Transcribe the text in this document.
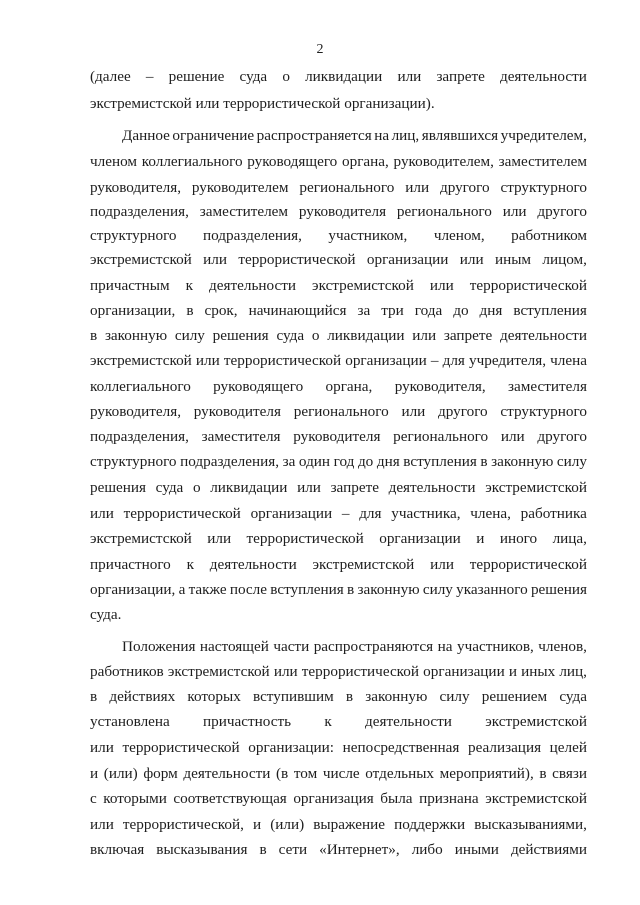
2
(далее – решение суда о ликвидации или запрете деятельности
экстремистской или террористической организации).
Данное ограничение распространяется на лиц, являвшихся учредителем,
членом коллегиального руководящего органа, руководителем, заместителем
руководителя, руководителем регионального или другого структурного
подразделения, заместителем руководителя регионального или другого
структурного подразделения, участником, членом, работником
экстремистской или террористической организации или иным лицом,
причастным к деятельности экстремистской или террористической
организации, в срок, начинающийся за три года до дня вступления
в законную силу решения суда о ликвидации или запрете деятельности
экстремистской или террористической организации – для учредителя, члена
коллегиального руководящего органа, руководителя, заместителя
руководителя, руководителя регионального или другого структурного
подразделения, заместителя руководителя регионального или другого
структурного подразделения, за один год до дня вступления в законную силу
решения суда о ликвидации или запрете деятельности экстремистской
или террористической организации – для участника, члена, работника
экстремистской или террористической организации и иного лица,
причастного к деятельности экстремистской или террористической
организации, а также после вступления в законную силу указанного решения
суда.
Положения настоящей части распространяются на участников, членов,
работников экстремистской или террористической организации и иных лиц,
в действиях которых вступившим в законную силу решением суда
установлена причастность к деятельности экстремистской
или террористической организации: непосредственная реализация целей
и (или) форм деятельности (в том числе отдельных мероприятий), в связи
с которыми соответствующая организация была признана экстремистской
или террористической, и (или) выражение поддержки высказываниями,
включая высказывания в сети «Интернет», либо иными действиями
